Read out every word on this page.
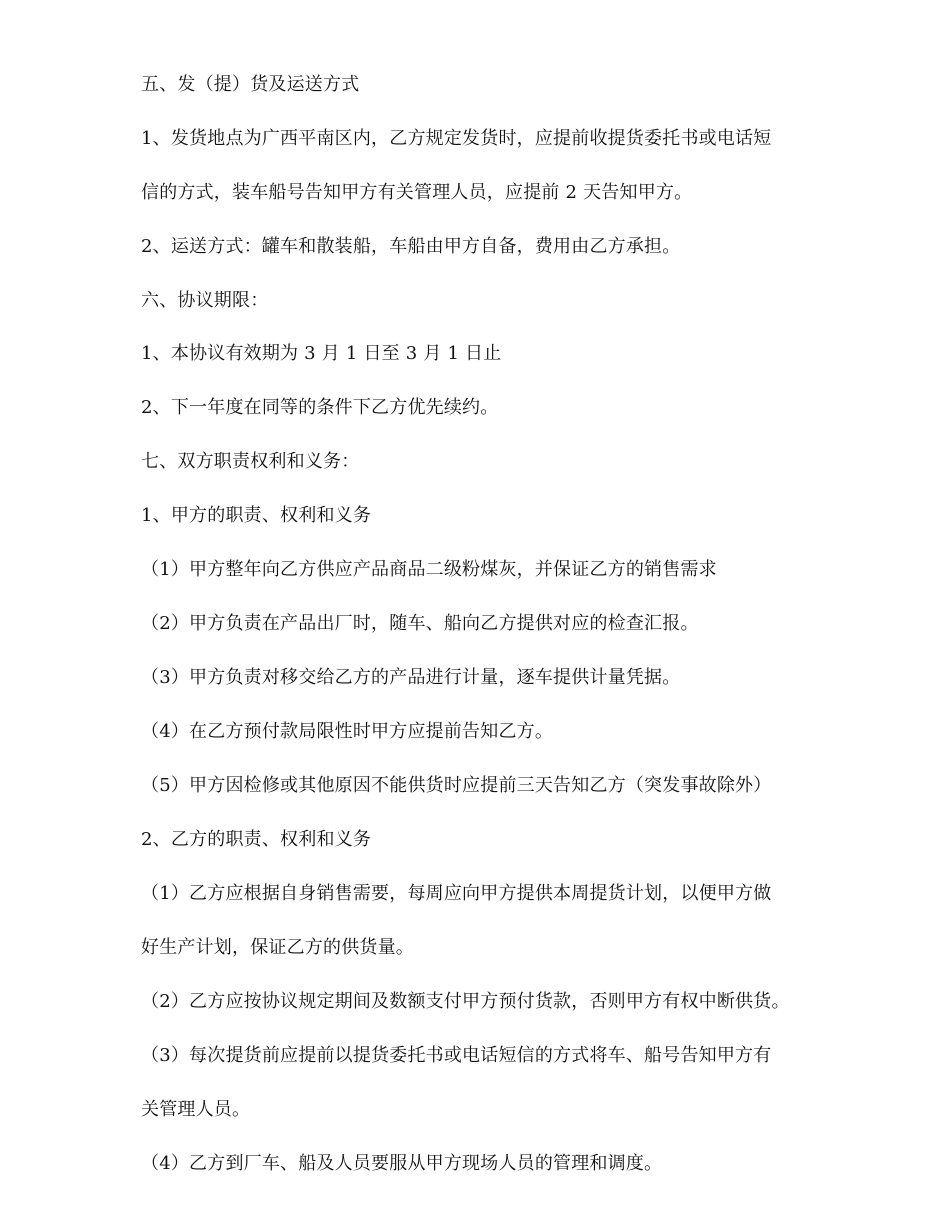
五、发（提）货及运送方式
1、发货地点为广西平南区内，乙方规定发货时，应提前收提货委托书或电话短
信的方式，装车船号告知甲方有关管理人员，应提前 2 天告知甲方。
2、运送方式：罐车和散装船，车船由甲方自备，费用由乙方承担。
六、协议期限：
1、本协议有效期为 3 月 1 日至 3 月 1 日止
2、下一年度在同等的条件下乙方优先续约。
七、双方职责权利和义务：
1、甲方的职责、权利和义务
（1）甲方整年向乙方供应产品商品二级粉煤灰，并保证乙方的销售需求
（2）甲方负责在产品出厂时，随车、船向乙方提供对应的检查汇报。
（3）甲方负责对移交给乙方的产品进行计量，逐车提供计量凭据。
（4）在乙方预付款局限性时甲方应提前告知乙方。
（5）甲方因检修或其他原因不能供货时应提前三天告知乙方（突发事故除外）
2、乙方的职责、权利和义务
（1）乙方应根据自身销售需要，每周应向甲方提供本周提货计划，以便甲方做
好生产计划，保证乙方的供货量。
（2）乙方应按协议规定期间及数额支付甲方预付货款，否则甲方有权中断供货。
（3）每次提货前应提前以提货委托书或电话短信的方式将车、船号告知甲方有
关管理人员。
（4）乙方到厂车、船及人员要服从甲方现场人员的管理和调度。
